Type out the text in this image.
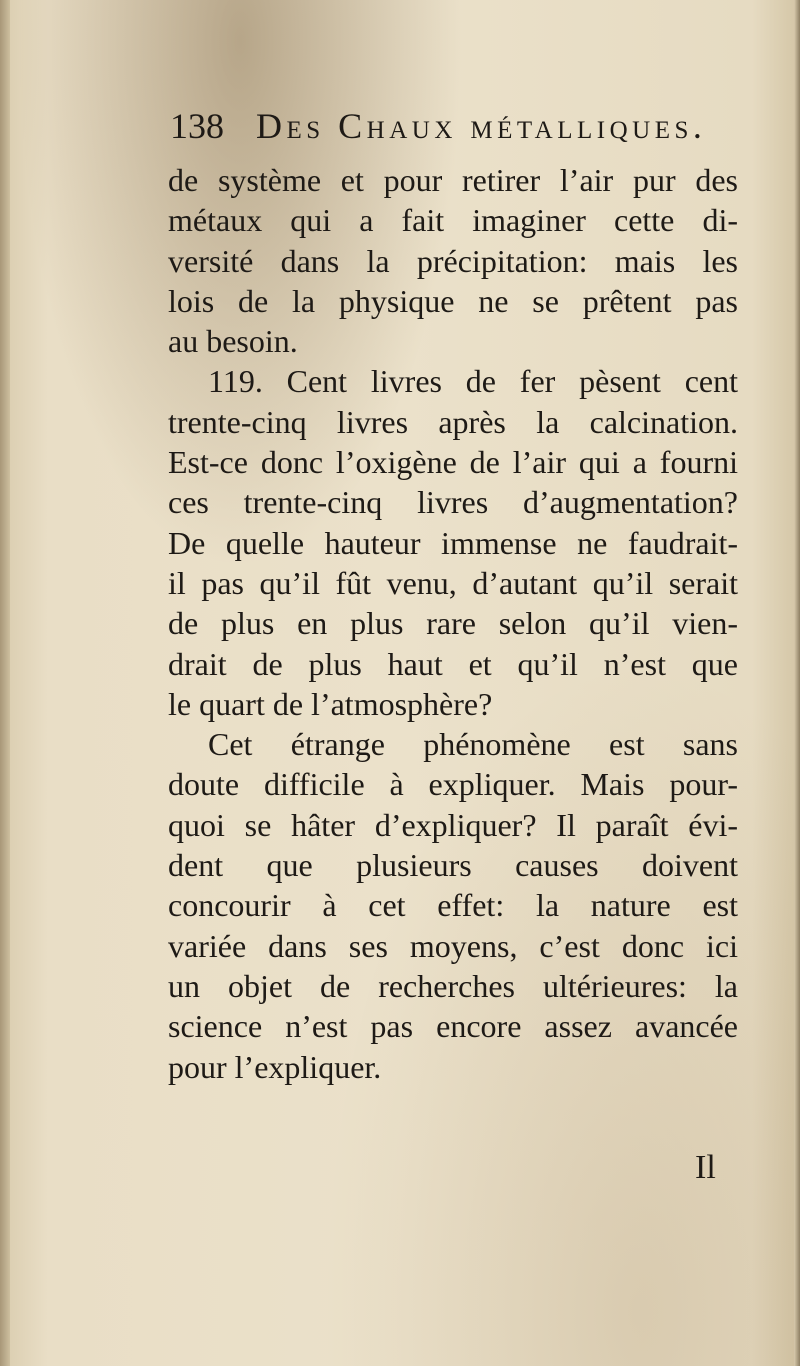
138 Des Chaux métalliques.
de système et pour retirer l’air pur des
métaux qui a fait imaginer cette di-
versité dans la précipitation: mais les
lois de la physique ne se prêtent pas
au besoin.
119. Cent livres de fer pèsent cent
trente-cinq livres après la calcination.
Est-ce donc l’oxigène de l’air qui a fourni
ces trente-cinq livres d’augmentation?
De quelle hauteur immense ne faudrait-
il pas qu’il fût venu, d’autant qu’il serait
de plus en plus rare selon qu’il vien-
drait de plus haut et qu’il n’est que
le quart de l’atmosphère?
Cet étrange phénomène est sans
doute difficile à expliquer. Mais pour-
quoi se hâter d’expliquer? Il paraît évi-
dent que plusieurs causes doivent
concourir à cet effet: la nature est
variée dans ses moyens, c’est donc ici
un objet de recherches ultérieures: la
science n’est pas encore assez avancée
pour l’expliquer.
Il
